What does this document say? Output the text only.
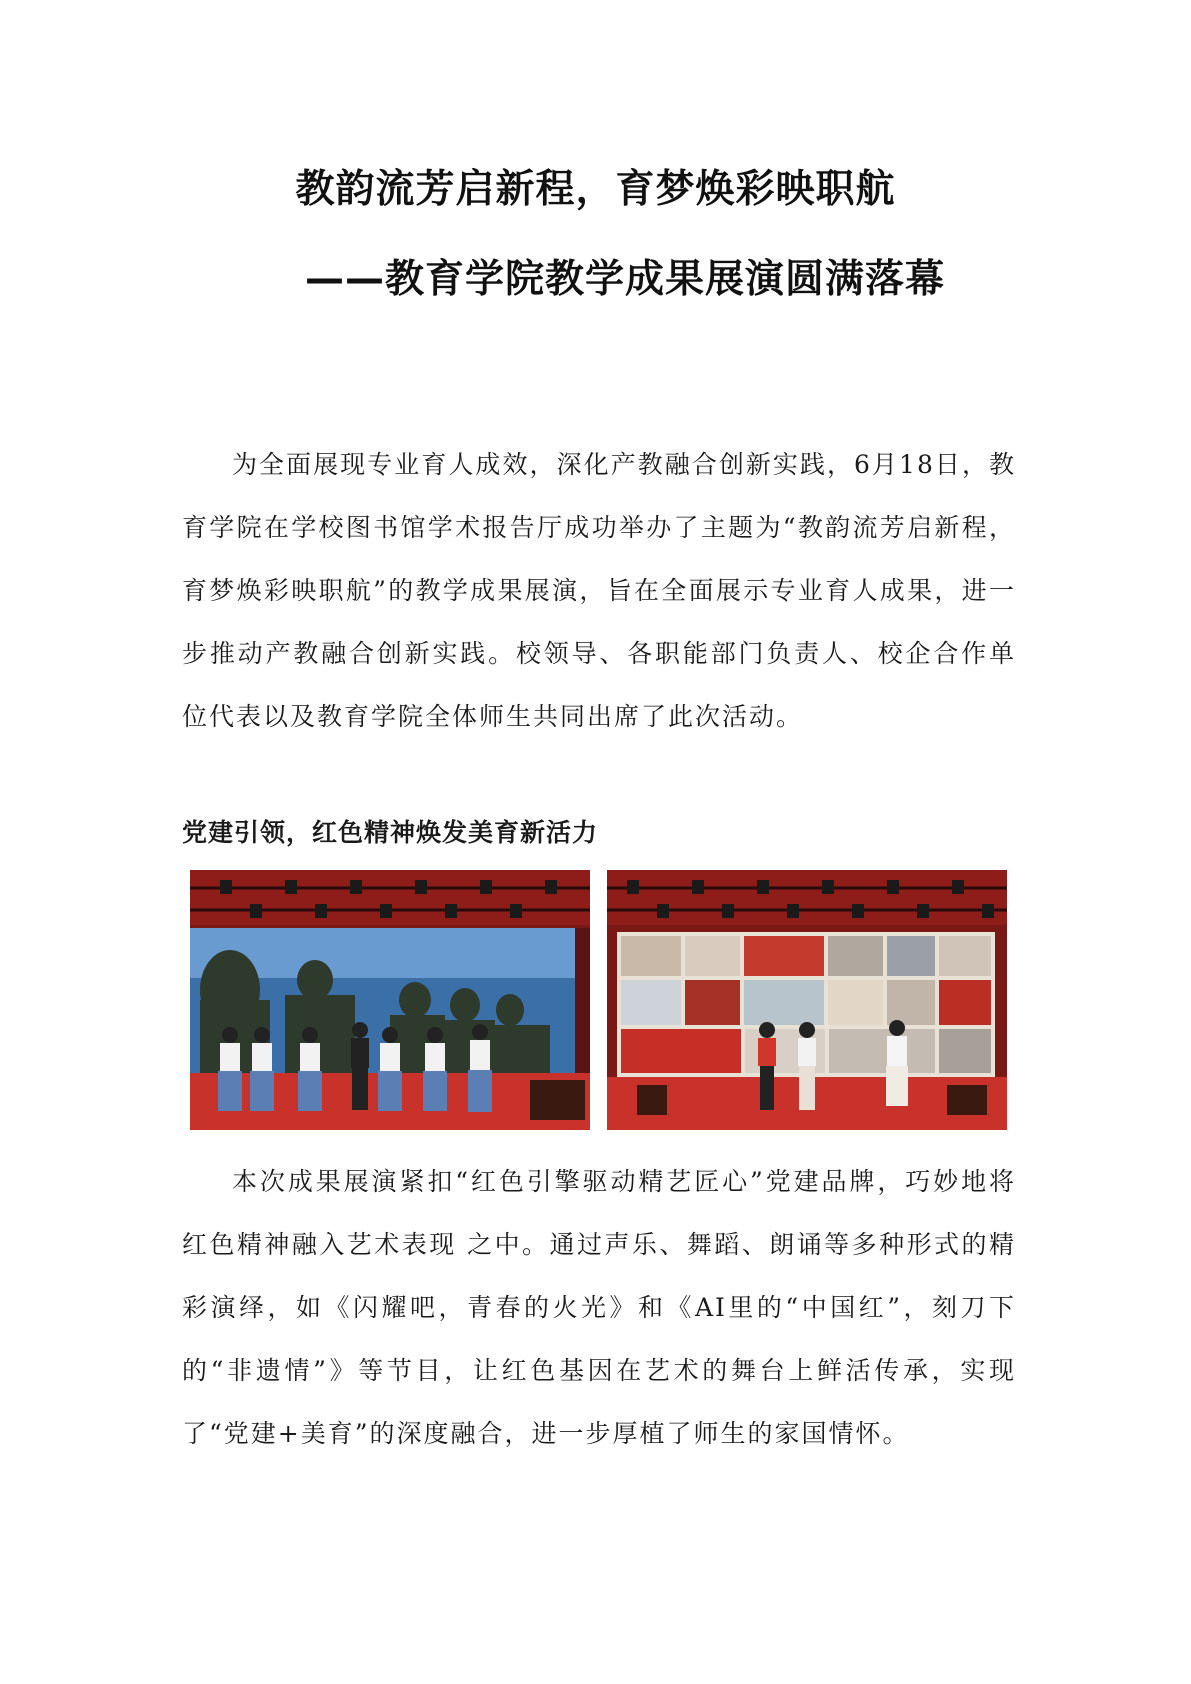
教韵流芳启新程，育梦焕彩映职航
——教育学院教学成果展演圆满落幕

为全面展现专业育人成效，深化产教融合创新实践，6月18日，教育学院在学校图书馆学术报告厅成功举办了主题为“教韵流芳启新程，育梦焕彩映职航”的教学成果展演，旨在全面展示专业育人成果，进一步推动产教融合创新实践。校领导、各职能部门负责人、校企合作单位代表以及教育学院全体师生共同出席了此次活动。

党建引领，红色精神焕发美育新活力

本次成果展演紧扣“红色引擎驱动精艺匠心”党建品牌，巧妙地将红色精神融入艺术表现 之中。通过声乐、舞蹈、朗诵等多种形式的精彩演绎，如《闪耀吧，青春的火光》和《AI里的“中国红”，刻刀下的“非遗情”》等节目，让红色基因在艺术的舞台上鲜活传承，实现了“党建+美育”的深度融合，进一步厚植了师生的家国情怀。
